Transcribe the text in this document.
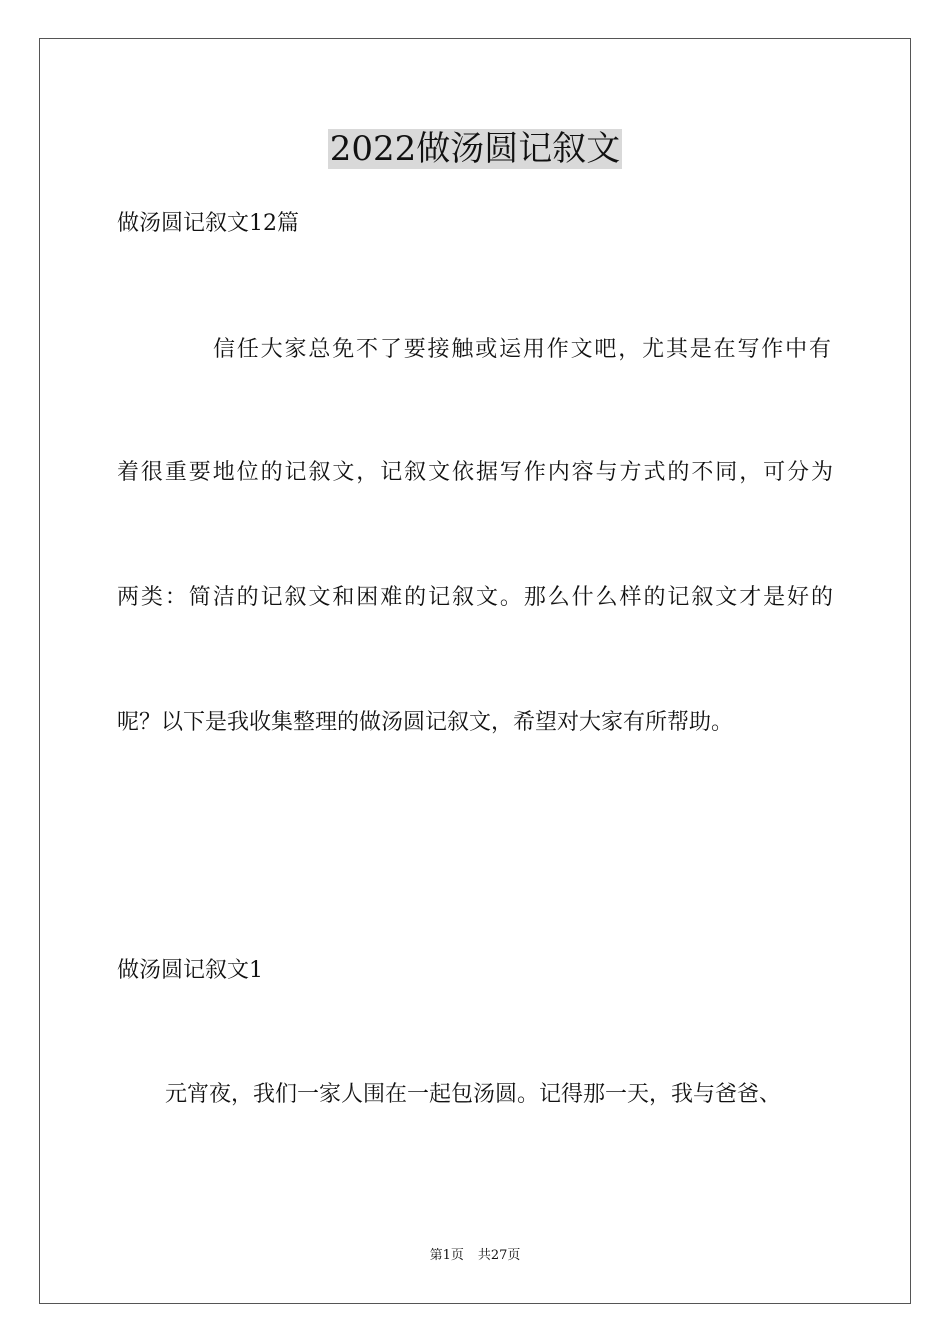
2022做汤圆记叙文
做汤圆记叙文12篇
信任大家总免不了要接触或运用作文吧，尤其是在写作中有
着很重要地位的记叙文，记叙文依据写作内容与方式的不同，可分为
两类：简洁的记叙文和困难的记叙文。那么什么样的记叙文才是好的
呢？以下是我收集整理的做汤圆记叙文，希望对大家有所帮助。
做汤圆记叙文1
元宵夜，我们一家人围在一起包汤圆。记得那一天，我与爸爸、
第1页 共27页
